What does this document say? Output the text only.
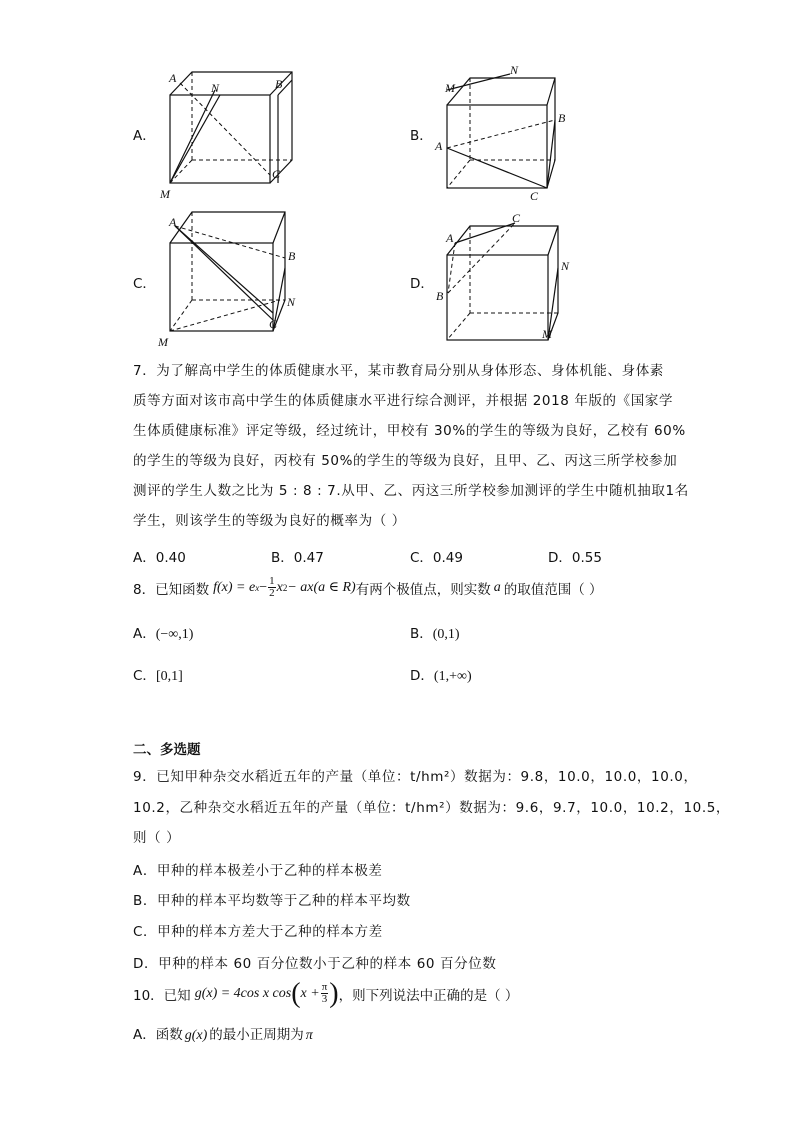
A．
A	B
N
M
C
B．
M
N
B
A
C
C．
A
B
N
M
C
D．
A
C
N
B
M
7．为了解高中学生的体质健康水平，某市教育局分别从身体形态、身体机能、身体素
质等方面对该市高中学生的体质健康水平进行综合测评，并根据 2018 年版的《国家学
生体质健康标准》评定等级，经过统计，甲校有 30%的学生的等级为良好，乙校有 60%
的学生的等级为良好，丙校有 50%的学生的等级为良好，且甲、乙、丙这三所学校参加
测评的学生人数之比为 5 : 8 : 7.从甲、乙、丙这三所学校参加测评的学生中随机抽取1名
学生，则该学生的等级为良好的概率为（ ）
A．0.40	B．0.47	C．0.49	D．0.55
8．已知函数 f(x) = e $x - \frac{1}{2}$ x 2 − ax(a ∈ R) 有两个极值点，则实数 a 的取值范围（ ）
A．(−∞,1)	B．(0,1)
C．[0,1]	D．(1,+∞)
二、多选题
9．已知甲种杂交水稻近五年的产量（单位：t/hm²）数据为：9.8，10.0，10.0，10.0，
10.2，乙种杂交水稻近五年的产量（单位：t/hm²）数据为：9.6，9.7，10.0，10.2，10.5，
则（ ）
A．甲种的样本极差小于乙种的样本极差
B．甲种的样本平均数等于乙种的样本平均数
C．甲种的样本方差大于乙种的样本方差
D．甲种的样本 60 百分位数小于乙种的样本 60 百分位数
10．已知 g(x) = 4cos x cos ( $x + \frac{\pi}{3}$ ) ，则下列说法中正确的是（ ）
A．函数 g(x) 的最小正周期为 π
